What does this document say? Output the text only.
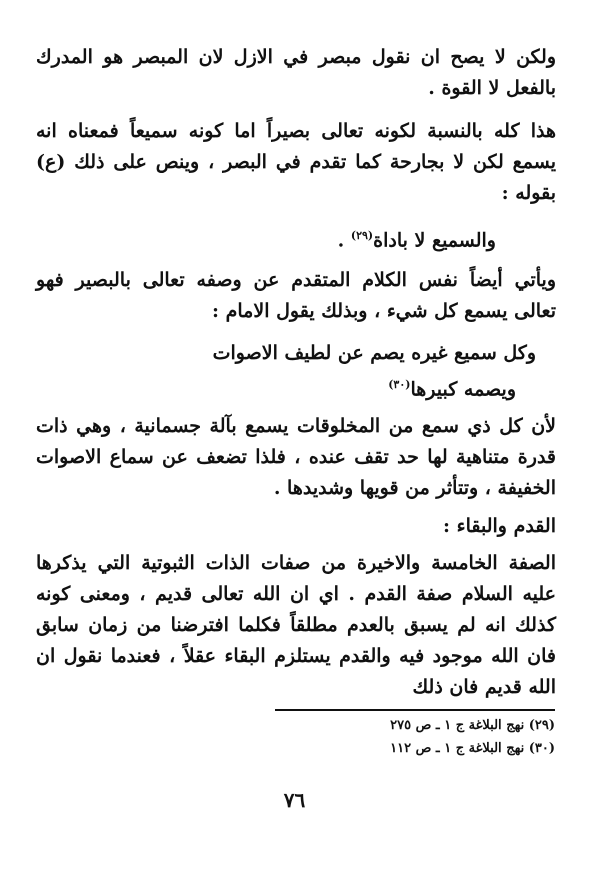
ولكن لا يصح ان نقول مبصر في الازل لان المبصر هو المدرك بالفعل لا القوة .

هذا كله بالنسبة لكونه تعالى بصيراً اما كونه سميعاً فمعناه انه يسمع لكن لا بجارحة كما تقدم في البصر ، وينص على ذلك (ع) بقوله :

والسميع لا باداة$^{(٢٩)}$ .

ويأتي أيضاً نفس الكلام المتقدم عن وصفه تعالى بالبصير فهو تعالى يسمع كل شيء ، وبذلك يقول الامام :

وكل سميع غيره يصم عن لطيف الاصوات
ويصمه كبيرها$^{(٣٠)}$

لأن كل ذي سمع من المخلوقات يسمع بآلة جسمانية ، وهي ذات قدرة متناهية لها حد تقف عنده ، فلذا تضعف عن سماع الاصوات الخفيفة ، وتتأثر من قويها وشديدها .

القدم والبقاء :

الصفة الخامسة والاخيرة من صفات الذات الثبوتية التي يذكرها عليه السلام صفة القدم . اي ان الله تعالى قديم ، ومعنى كونه كذلك انه لم يسبق بالعدم مطلقاً فكلما افترضنا من زمان سابق فان الله موجود فيه والقدم يستلزم البقاء عقلاً ، فعندما نقول ان الله قديم فان ذلك

(٢٩) نهج البلاغة ج ١ ـ ص ٢٧٥

(٣٠) نهج البلاغة ج ١ ـ ص ١١٢

٧٦
